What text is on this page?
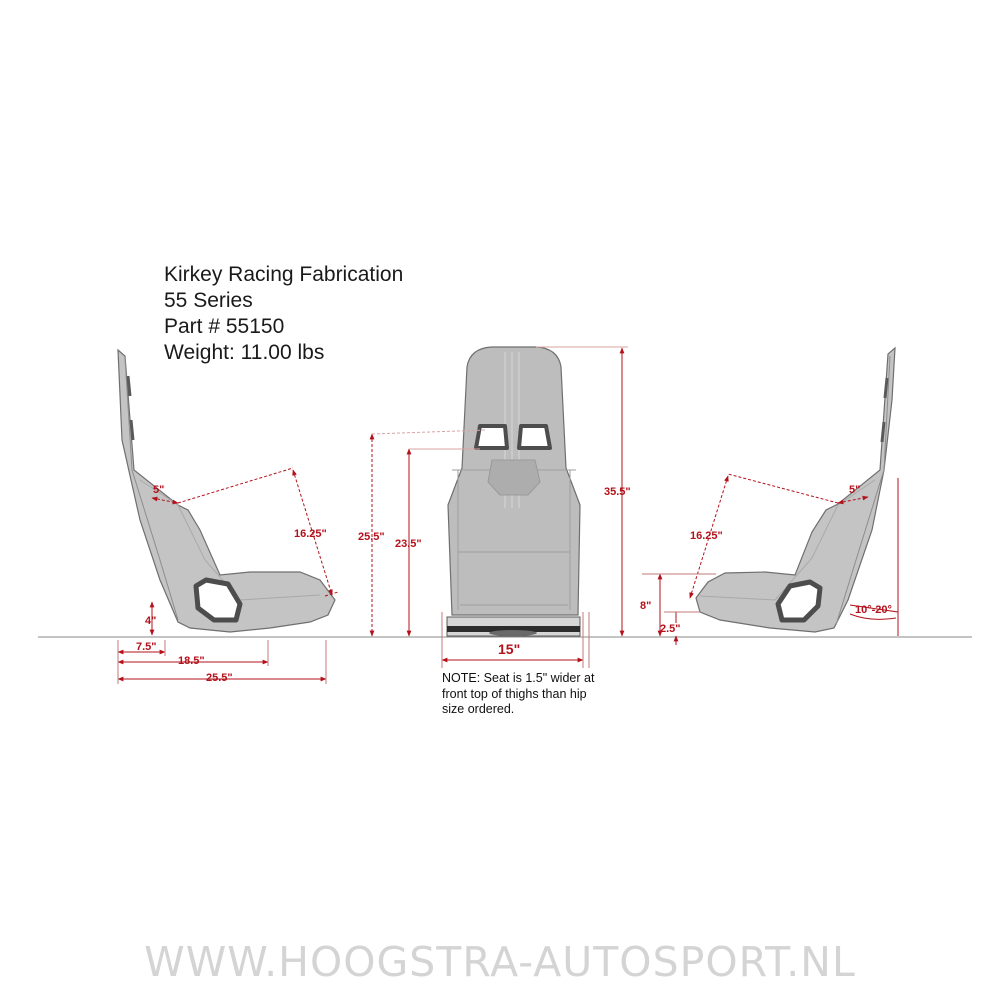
5"
16.25"
4"
7.5"
18.5"
25.5"
25.5"
23.5"
35.5"
15"
5"
16.25"
8"
2.5"
10°-20°
Kirkey Racing Fabrication
55 Series
Part # 55150
Weight: 11.00 lbs
NOTE: Seat is 1.5" wider at front top of thighs than hip size ordered.
WWW.HOOGSTRA-AUTOSPORT.NL
